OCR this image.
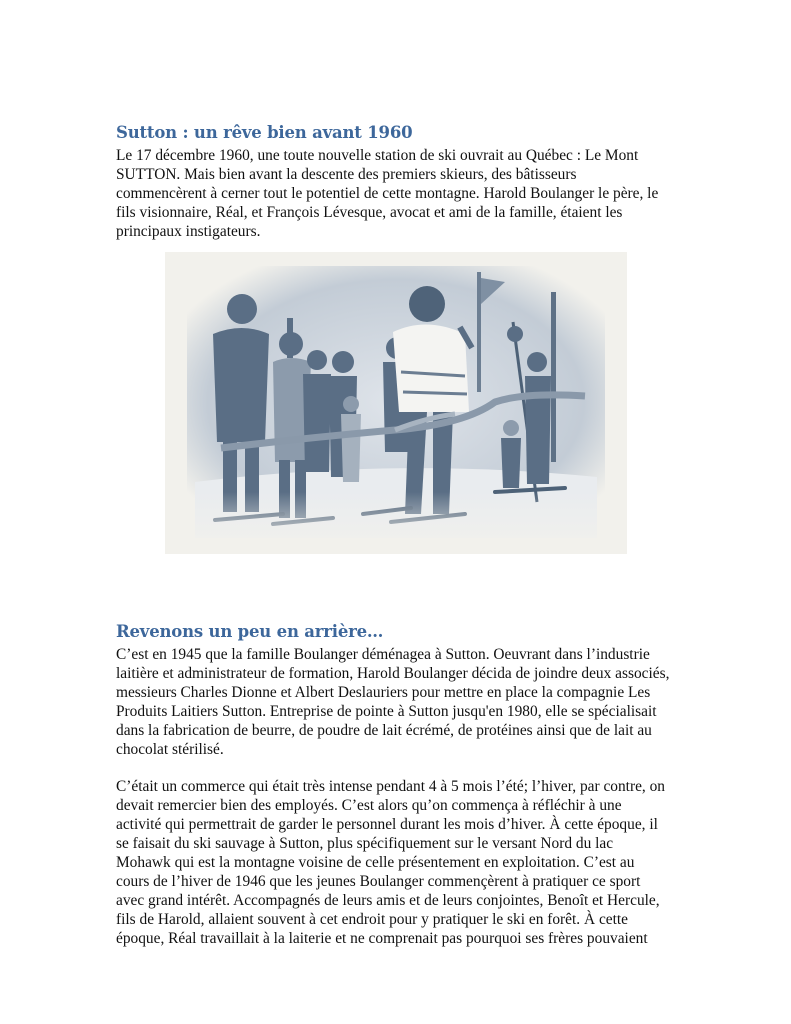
Sutton : un rêve bien avant 1960

Le 17 décembre 1960, une toute nouvelle station de ski ouvrait au Québec : Le Mont
SUTTON. Mais bien avant la descente des premiers skieurs, des bâtisseurs
commencèrent à cerner tout le potentiel de cette montagne. Harold Boulanger le père, le
fils visionnaire, Réal, et François Lévesque, avocat et ami de la famille, étaient les
principaux instigateurs.

Revenons un peu en arrière…

C’est en 1945 que la famille Boulanger déménagea à Sutton. Oeuvrant dans l’industrie
laitière et administrateur de formation, Harold Boulanger décida de joindre deux associés,
messieurs Charles Dionne et Albert Deslauriers pour mettre en place la compagnie Les
Produits Laitiers Sutton. Entreprise de pointe à Sutton jusqu'en 1980, elle se spécialisait
dans la fabrication de beurre, de poudre de lait écrémé, de protéines ainsi que de lait au
chocolat stérilisé.

C’était un commerce qui était très intense pendant 4 à 5 mois l’été; l’hiver, par contre, on
devait remercier bien des employés. C’est alors qu’on commença à réfléchir à une
activité qui permettrait de garder le personnel durant les mois d’hiver. À cette époque, il
se faisait du ski sauvage à Sutton, plus spécifiquement sur le versant Nord du lac
Mohawk qui est la montagne voisine de celle présentement en exploitation. C’est au
cours de l’hiver de 1946 que les jeunes Boulanger commençèrent à pratiquer ce sport
avec grand intérêt. Accompagnés de leurs amis et de leurs conjointes, Benoît et Hercule,
fils de Harold, allaient souvent à cet endroit pour y pratiquer le ski en forêt. À cette
époque, Réal travaillait à la laiterie et ne comprenait pas pourquoi ses frères pouvaient
